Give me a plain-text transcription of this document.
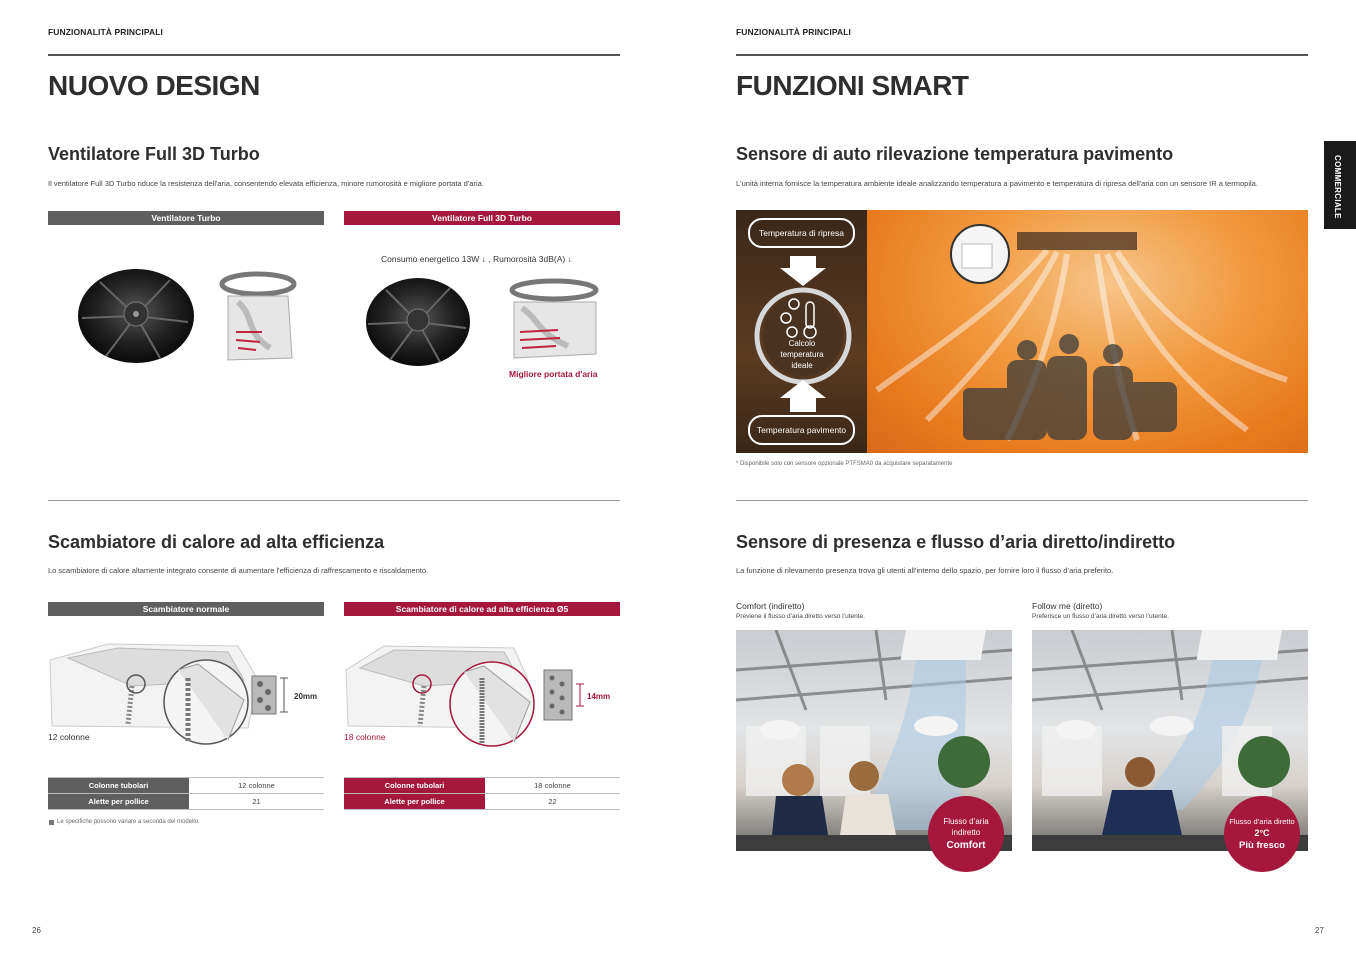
FUNZIONALITÀ PRINCIPALI
NUOVO DESIGN
Ventilatore Full 3D Turbo
Il ventilatore Full 3D Turbo riduce la resistenza dell'aria, consentendo elevata efficienza, minore rumorosità e migliore portata d'aria.
Ventilatore Turbo	Ventilatore Full 3D Turbo
Consumo energetico 13W ↓ , Rumorosità 3dB(A) ↓
Migliore portata d'aria
Scambiatore di calore ad alta efficienza
Lo scambiatore di calore altamente integrato consente di aumentare l'efficienza di raffrescamento e riscaldamento.
Scambiatore normale	Scambiatore di calore ad alta efficienza Ø5
20mm
12 colonne
14mm
18 colonne
Colonne tubolari	12 colonne
Alette per pollice	21
Colonne tubolari	18 colonne
Alette per pollice	22
Le specifiche possono variare a seconda del modello.
26
FUNZIONALITÀ PRINCIPALI
FUNZIONI SMART
Sensore di auto rilevazione temperatura pavimento
L'unità interna fornisce la temperatura ambiente ideale analizzando temperatura a pavimento e temperatura di ripresa dell'aria con un sensore IR a termopila.
Temperatura di ripresa
Calcolo
temperatura
ideale
Temperatura pavimento
* Disponibile solo con sensore opzionale PTFSMA0 da acquistare separatamente
Sensore di presenza e flusso d’aria diretto/indiretto
La funzione di rilevamento presenza trova gli utenti all’interno dello spazio, per fornire loro il flusso d’aria preferito.
Comfort (indiretto)
Previene il flusso d’aria diretto verso l’utente.
Follow me (diretto)
Preferisce un flusso d’aria diretto verso l’utente.
Flusso d’aria
indiretto
Comfort
Flusso d’aria diretto
2°C
Più fresco
27
COMMERCIALE
